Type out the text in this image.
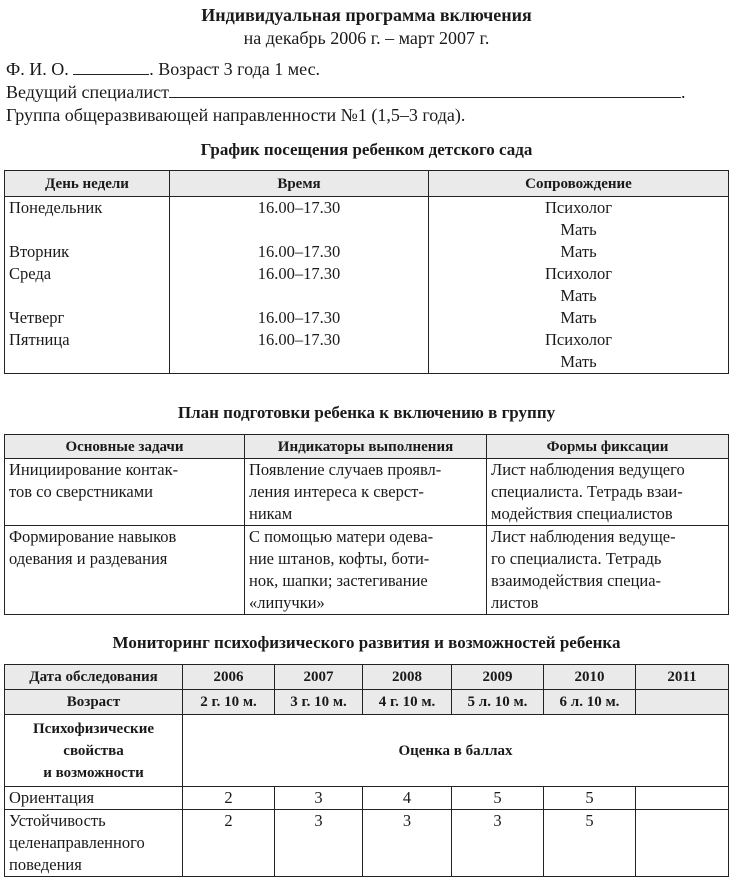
Индивидуальная программа включения
на декабрь 2006 г. – март 2007 г.
Ф. И. О.	. Возраст 3 года 1 мес.
Ведущий специалист	.
Группа общеразвивающей направленности №1 (1,5–3 года).
График посещения ребенком детского сада
День недели	Время	Сопровождение
Понедельник	16.00–17.30	Психолог
Мать

Вторник	16.00–17.30	Мать

Среда	16.00–17.30	Психолог
Мать

Четверг	16.00–17.30	Мать

Пятница	16.00–17.30	Психолог
Мать
План подготовки ребенка к включению в группу
Основные задачи	Индикаторы выполнения	Формы фиксации

Инициирование контак-
тов со сверстниками	Появление случаев проявл-
ления интереса к сверст-
никам	Лист наблюдения ведущего
специалиста. Тетрадь взаи-
модействия специалистов

Формирование навыков
одевания и раздевания	С помощью матери одева-
ние штанов, кофты, боти-
нок, шапки; застегивание
«липучки»	Лист наблюдения ведуще-
го специалиста. Тетрадь
взаимодействия специа-
листов
Мониторинг психофизического развития и возможностей ребенка
Дата обследования	2006	2007	2008	2009	2010	2011
Возраст	2 г. 10 м.	3 г. 10 м.	4 г. 10 м.	5 л. 10 м.	6 л. 10 м.	

Психофизические
свойства
и возможности	Оценка в баллах					

Ориентация	2	3	4	5	5	

Устойчивость
целенаправленного
поведения	2	3	3	3	5	
